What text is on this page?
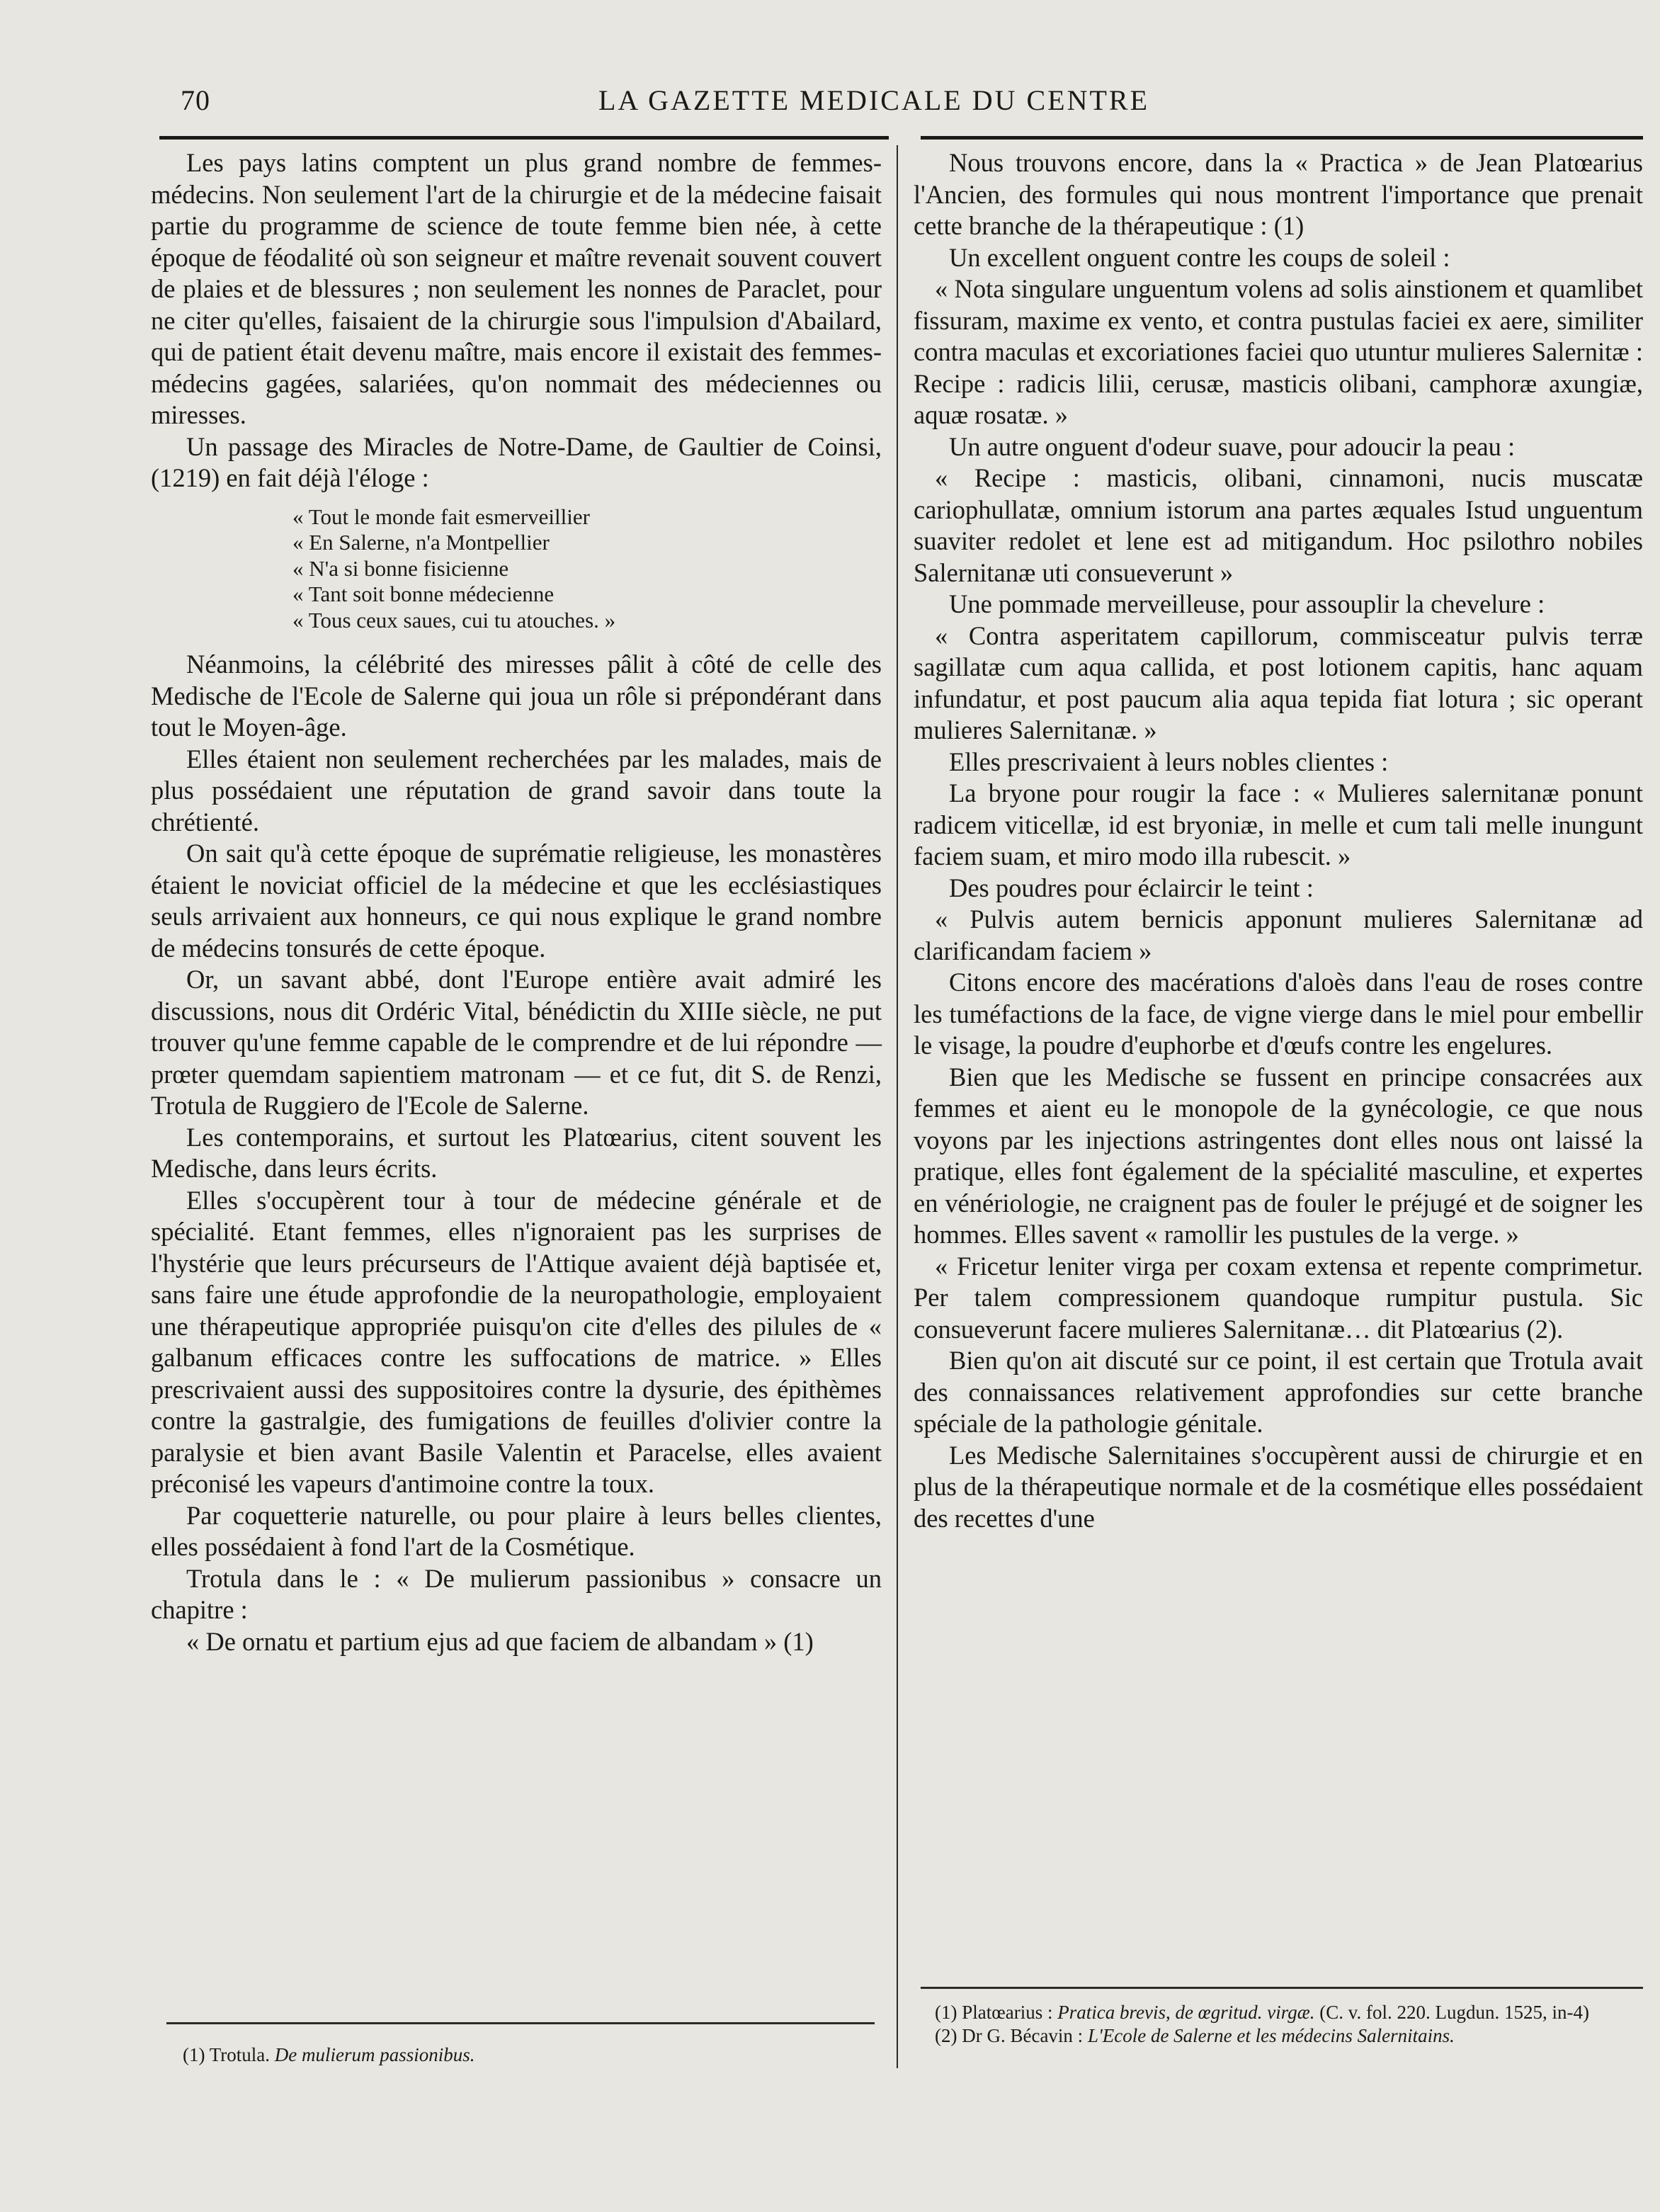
70	LA GAZETTE MEDICALE DU CENTRE

Les pays latins comptent un plus grand nombre de femmes-médecins. Non seulement l'art de la chirurgie et de la médecine faisait partie du programme de science de toute femme bien née, à cette époque de féodalité où son seigneur et maître revenait souvent couvert de plaies et de blessures ; non seulement les nonnes de Paraclet, pour ne citer qu'elles, faisaient de la chirurgie sous l'impulsion d'Abailard, qui de patient était devenu maître, mais encore il existait des femmes-médecins gagées, salariées, qu'on nommait des médeciennes ou miresses.

Un passage des Miracles de Notre-Dame, de Gaultier de Coinsi, (1219) en fait déjà l'éloge :

« Tout le monde fait esmerveillier
« En Salerne, n'a Montpellier
« N'a si bonne fisicienne
« Tant soit bonne médecienne
« Tous ceux saues, cui tu atouches. »

Néanmoins, la célébrité des miresses pâlit à côté de celle des Medische de l'Ecole de Salerne qui joua un rôle si prépondérant dans tout le Moyen-âge.

Elles étaient non seulement recherchées par les malades, mais de plus possédaient une réputation de grand savoir dans toute la chrétienté.

On sait qu'à cette époque de suprématie religieuse, les monastères étaient le noviciat officiel de la médecine et que les ecclésiastiques seuls arrivaient aux honneurs, ce qui nous explique le grand nombre de médecins tonsurés de cette époque.

Or, un savant abbé, dont l'Europe entière avait admiré les discussions, nous dit Ordéric Vital, bénédictin du XIIIe siècle, ne put trouver qu'une femme capable de le comprendre et de lui répondre — prœter quemdam sapientiem matronam — et ce fut, dit S. de Renzi, Trotula de Ruggiero de l'Ecole de Salerne.

Les contemporains, et surtout les Platœarius, citent souvent les Medische, dans leurs écrits.

Elles s'occupèrent tour à tour de médecine générale et de spécialité. Etant femmes, elles n'ignoraient pas les surprises de l'hystérie que leurs précurseurs de l'Attique avaient déjà baptisée et, sans faire une étude approfondie de la neuropathologie, employaient une thérapeutique appropriée puisqu'on cite d'elles des pilules de « galbanum efficaces contre les suffocations de matrice. » Elles prescrivaient aussi des suppositoires contre la dysurie, des épithèmes contre la gastralgie, des fumigations de feuilles d'olivier contre la paralysie et bien avant Basile Valentin et Paracelse, elles avaient préconisé les vapeurs d'antimoine contre la toux.

Par coquetterie naturelle, ou pour plaire à leurs belles clientes, elles possédaient à fond l'art de la Cosmétique.

Trotula dans le : « De mulierum passionibus » consacre un chapitre :

« De ornatu et partium ejus ad que faciem de albandam » (1)

(1) Trotula. De mulierum passionibus.

Nous trouvons encore, dans la « Practica » de Jean Platœarius l'Ancien, des formules qui nous montrent l'importance que prenait cette branche de la thérapeutique : (1)

Un excellent onguent contre les coups de soleil :

« Nota singulare unguentum volens ad solis ainstionem et quamlibet fissuram, maxime ex vento, et contra pustulas faciei ex aere, similiter contra maculas et excoriationes faciei quo utuntur mulieres Salernitæ : Recipe : radicis lilii, cerusæ, masticis olibani, camphoræ axungiæ, aquæ rosatæ. »

Un autre onguent d'odeur suave, pour adoucir la peau :

« Recipe : masticis, olibani, cinnamoni, nucis muscatæ cariophullatæ, omnium istorum ana partes æquales Istud unguentum suaviter redolet et lene est ad mitigandum. Hoc psilothro nobiles Salernitanæ uti consueverunt »

Une pommade merveilleuse, pour assouplir la chevelure :

« Contra asperitatem capillorum, commisceatur pulvis terræ sagillatæ cum aqua callida, et post lotionem capitis, hanc aquam infundatur, et post paucum alia aqua tepida fiat lotura ; sic operant mulieres Salernitanæ. »

Elles prescrivaient à leurs nobles clientes :

La bryone pour rougir la face : « Mulieres salernitanæ ponunt radicem viticellæ, id est bryoniæ, in melle et cum tali melle inungunt faciem suam, et miro modo illa rubescit. »

Des poudres pour éclaircir le teint :

« Pulvis autem bernicis apponunt mulieres Salernitanæ ad clarificandam faciem »

Citons encore des macérations d'aloès dans l'eau de roses contre les tuméfactions de la face, de vigne vierge dans le miel pour embellir le visage, la poudre d'euphorbe et d'œufs contre les engelures.

Bien que les Medische se fussent en principe consacrées aux femmes et aient eu le monopole de la gynécologie, ce que nous voyons par les injections astringentes dont elles nous ont laissé la pratique, elles font également de la spécialité masculine, et expertes en vénériologie, ne craignent pas de fouler le préjugé et de soigner les hommes. Elles savent « ramollir les pustules de la verge. »

« Fricetur leniter virga per coxam extensa et repente comprimetur. Per talem compressionem quandoque rumpitur pustula. Sic consueverunt facere mulieres Salernitanæ… dit Platœarius (2).

Bien qu'on ait discuté sur ce point, il est certain que Trotula avait des connaissances relativement approfondies sur cette branche spéciale de la pathologie génitale.

Les Medische Salernitaines s'occupèrent aussi de chirurgie et en plus de la thérapeutique normale et de la cosmétique elles possédaient des recettes d'une

(1) Platœarius : Pratica brevis, de œgritud. virgæ. (C. v. fol. 220. Lugdun. 1525, in-4)
(2) Dr G. Bécavin : L'Ecole de Salerne et les médecins Salernitains.
